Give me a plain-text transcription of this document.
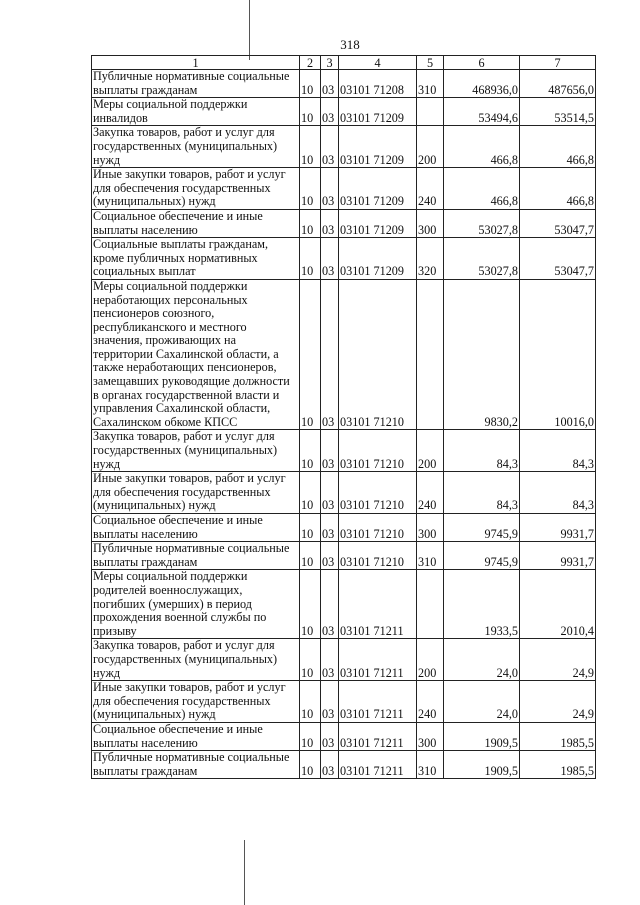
318
1	2	3	4	5	6	7
Публичные нормативные социальные выплаты гражданам	10	03	03101 71208	310	468936,0	487656,0
Меры социальной поддержки инвалидов	10	03	03101 71209		53494,6	53514,5
Закупка товаров, работ и услуг для государственных (муниципальных) нужд	10	03	03101 71209	200	466,8	466,8
Иные закупки товаров, работ и услуг для обеспечения государственных (муниципальных) нужд	10	03	03101 71209	240	466,8	466,8
Социальное обеспечение и иные выплаты населению	10	03	03101 71209	300	53027,8	53047,7
Социальные выплаты гражданам, кроме публичных нормативных социальных выплат	10	03	03101 71209	320	53027,8	53047,7
Меры социальной поддержки неработающих персональных пенсионеров союзного, республиканского и местного значения, проживающих на территории Сахалинской области, а также неработающих пенсионеров, замещавших руководящие должности в органах государственной власти и управления Сахалинской области, Сахалинском обкоме КПСС	10	03	03101 71210		9830,2	10016,0
Закупка товаров, работ и услуг для государственных (муниципальных) нужд	10	03	03101 71210	200	84,3	84,3
Иные закупки товаров, работ и услуг для обеспечения государственных (муниципальных) нужд	10	03	03101 71210	240	84,3	84,3
Социальное обеспечение и иные выплаты населению	10	03	03101 71210	300	9745,9	9931,7
Публичные нормативные социальные выплаты гражданам	10	03	03101 71210	310	9745,9	9931,7
Меры социальной поддержки родителей военнослужащих, погибших (умерших) в период прохождения военной службы по призыву	10	03	03101 71211		1933,5	2010,4
Закупка товаров, работ и услуг для государственных (муниципальных) нужд	10	03	03101 71211	200	24,0	24,9
Иные закупки товаров, работ и услуг для обеспечения государственных (муниципальных) нужд	10	03	03101 71211	240	24,0	24,9
Социальное обеспечение и иные выплаты населению	10	03	03101 71211	300	1909,5	1985,5
Публичные нормативные социальные выплаты гражданам	10	03	03101 71211	310	1909,5	1985,5
